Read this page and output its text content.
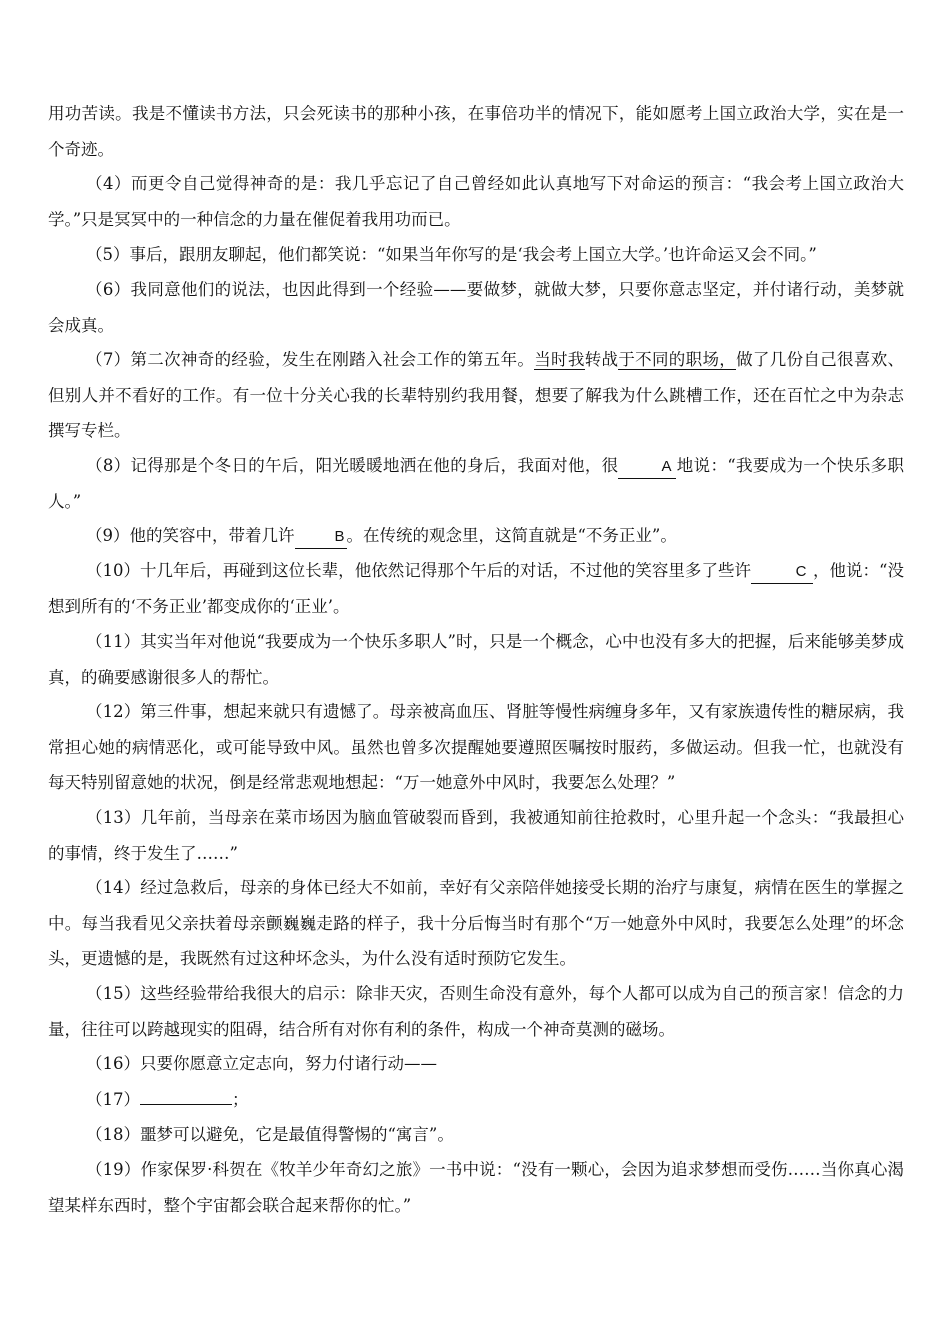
用功苦读。我是不懂读书方法，只会死读书的那种小孩，在事倍功半的情况下，能如愿考上国立政治大学，实在是一个奇迹。

（4）而更令自己觉得神奇的是：我几乎忘记了自己曾经如此认真地写下对命运的预言：“我会考上国立政治大学。”只是冥冥中的一种信念的力量在催促着我用功而已。

（5）事后，跟朋友聊起，他们都笑说：“如果当年你写的是‘我会考上国立大学。’也许命运又会不同。”

（6）我同意他们的说法，也因此得到一个经验——要做梦，就做大梦，只要你意志坚定，并付诸行动，美梦就会成真。

（7）第二次神奇的经验，发生在刚踏入社会工作的第五年。当时我转战于不同的职场，做了几份自己很喜欢、但别人并不看好的工作。有一位十分关心我的长辈特别约我用餐，想要了解我为什么跳槽工作，还在百忙之中为杂志撰写专栏。

（8）记得那是个冬日的午后，阳光暖暖地洒在他的身后，我面对他，很	A 地说：“我要成为一个快乐多职人。”

（9）他的笑容中，带着几许	B 。在传统的观念里，这简直就是“不务正业”。

（10）十几年后，再碰到这位长辈，他依然记得那个午后的对话，不过他的笑容里多了些许	C ，他说：“没想到所有的‘不务正业’都变成你的‘正业’。

（11）其实当年对他说“我要成为一个快乐多职人”时，只是一个概念，心中也没有多大的把握，后来能够美梦成真，的确要感谢很多人的帮忙。

（12）第三件事，想起来就只有遗憾了。母亲被高血压、肾脏等慢性病缠身多年，又有家族遗传性的糖尿病，我常担心她的病情恶化，或可能导致中风。虽然也曾多次提醒她要遵照医嘱按时服药，多做运动。但我一忙，也就没有每天特别留意她的状况，倒是经常悲观地想起：“万一她意外中风时，我要怎么处理？”

（13）几年前，当母亲在菜市场因为脑血管破裂而昏到，我被通知前往抢救时，心里升起一个念头：“我最担心的事情，终于发生了……”

（14）经过急救后，母亲的身体已经大不如前，幸好有父亲陪伴她接受长期的治疗与康复，病情在医生的掌握之中。每当我看见父亲扶着母亲颤巍巍走路的样子，我十分后悔当时有那个“万一她意外中风时，我要怎么处理”的坏念头，更遗憾的是，我既然有过这种坏念头，为什么没有适时预防它发生。

（15）这些经验带给我很大的启示：除非天灾，否则生命没有意外，每个人都可以成为自己的预言家！信念的力量，往往可以跨越现实的阻碍，结合所有对你有利的条件，构成一个神奇莫测的磁场。

（16）只要你愿意立定志向，努力付诸行动——

（17）	；

（18）噩梦可以避免，它是最值得警惕的“寓言”。

（19）作家保罗·科贺在《牧羊少年奇幻之旅》一书中说：“没有一颗心，会因为追求梦想而受伤……当你真心渴望某样东西时，整个宇宙都会联合起来帮你的忙。”
